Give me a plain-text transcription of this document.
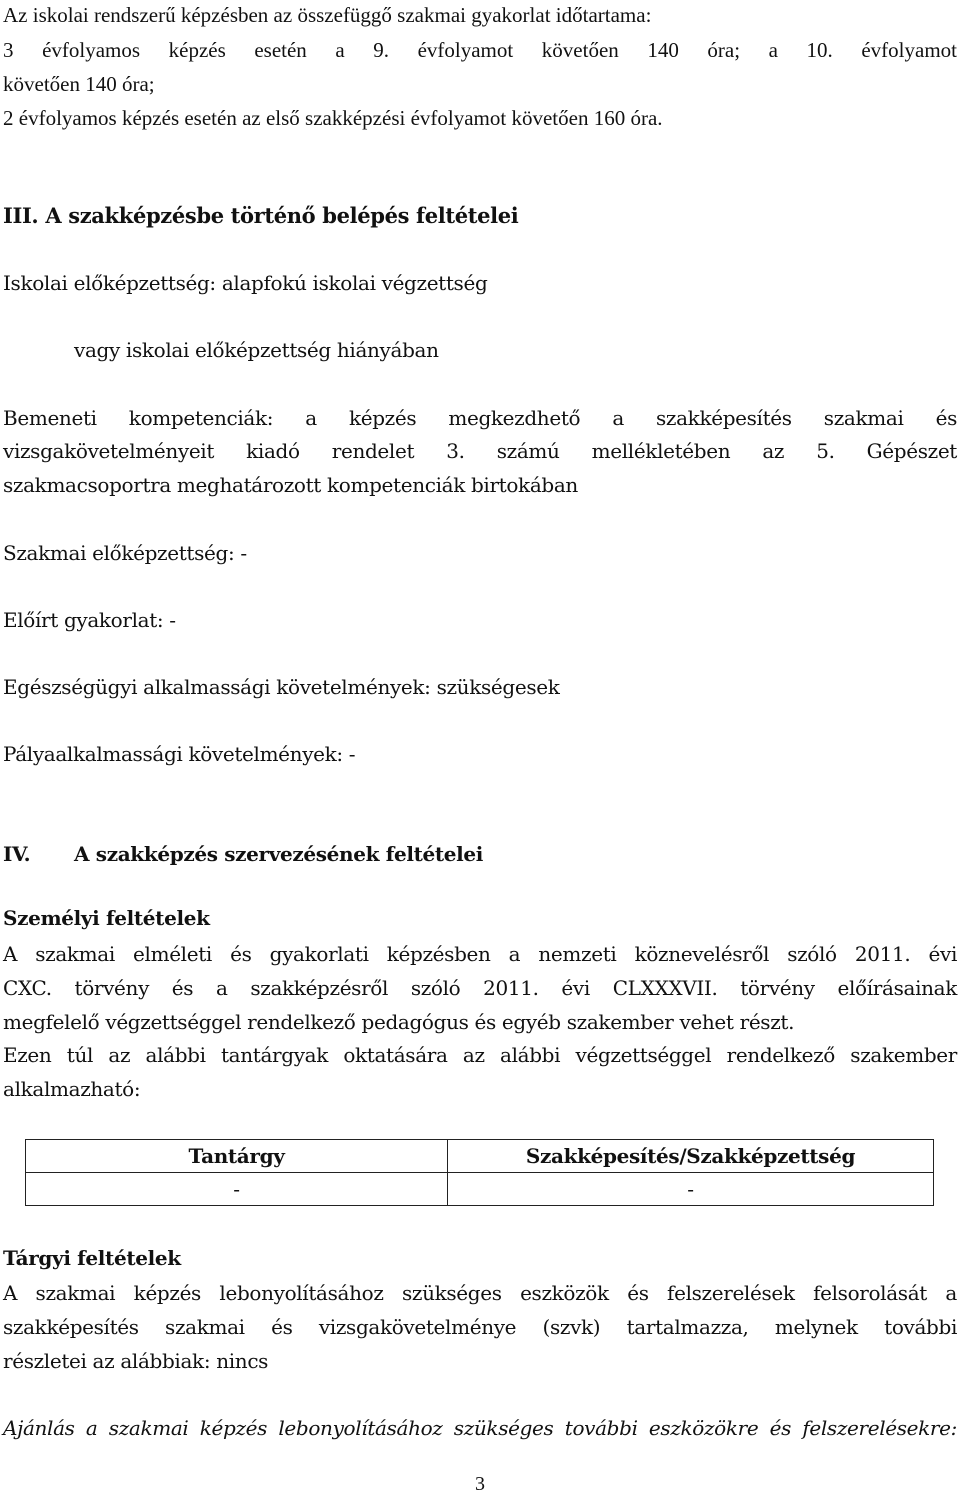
Az iskolai rendszerű képzésben az összefüggő szakmai gyakorlat időtartama:
3 évfolyamos képzés esetén a 9. évfolyamot követően 140 óra; a 10. évfolyamot
követően 140 óra;
2 évfolyamos képzés esetén az első szakképzési évfolyamot követően 160 óra.
III. A szakképzésbe történő belépés feltételei
Iskolai előképzettség: alapfokú iskolai végzettség
vagy iskolai előképzettség hiányában
Bemeneti kompetenciák: a képzés megkezdhető a szakképesítés szakmai és
vizsgakövetelményeit kiadó rendelet 3. számú mellékletében az 5. Gépészet
szakmacsoportra meghatározott kompetenciák birtokában
Szakmai előképzettség: -
Előírt gyakorlat: -
Egészségügyi alkalmassági követelmények: szükségesek
Pályaalkalmassági követelmények: -
IV.	A szakképzés szervezésének feltételei
Személyi feltételek
A szakmai elméleti és gyakorlati képzésben a nemzeti köznevelésről szóló 2011. évi
CXC. törvény és a szakképzésről szóló 2011. évi CLXXXVII. törvény előírásainak
megfelelő végzettséggel rendelkező pedagógus és egyéb szakember vehet részt.
Ezen túl az alábbi tantárgyak oktatására az alábbi végzettséggel rendelkező szakember
alkalmazható:
Tantárgy	Szakképesítés/Szakképzettség
-	-
Tárgyi feltételek
A szakmai képzés lebonyolításához szükséges eszközök és felszerelések felsorolását a
szakképesítés szakmai és vizsgakövetelménye (szvk) tartalmazza, melynek további
részletei az alábbiak: nincs
Ajánlás a szakmai képzés lebonyolításához szükséges további eszközökre és felszerelésekre:
3
